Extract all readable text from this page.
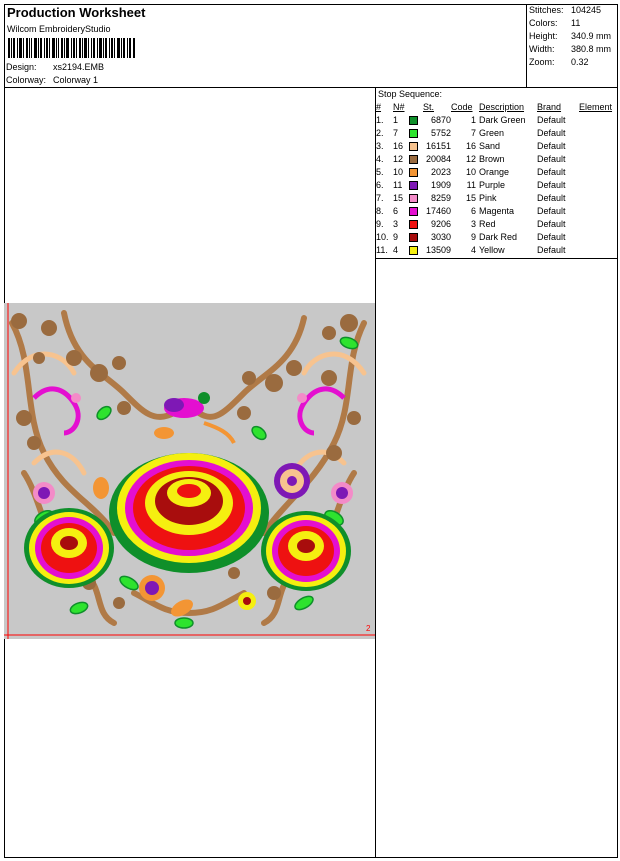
Production Worksheet
Wilcom EmbroideryStudio
Design: xs2194.EMB
Colorway: Colorway 1
Stitches: 104245
Colors: 11
Height: 340.9 mm
Width: 380.8 mm
Zoom: 0.32
Stop Sequence:
#	N#		St.	Code	Description	Brand	Element
1.	1		6870	1	Dark Green	Default	
2.	7		5752	7	Green	Default	
3.	16		16151	16	Sand	Default	
4.	12		20084	12	Brown	Default	
5.	10		2023	10	Orange	Default	
6.	11		1909	11	Purple	Default	
7.	15		8259	15	Pink	Default	
8.	6		17460	6	Magenta	Default	
9.	3		9206	3	Red	Default	
10.	9		3030	9	Dark Red	Default	
11.	4		13509	4	Yellow	Default	
2
